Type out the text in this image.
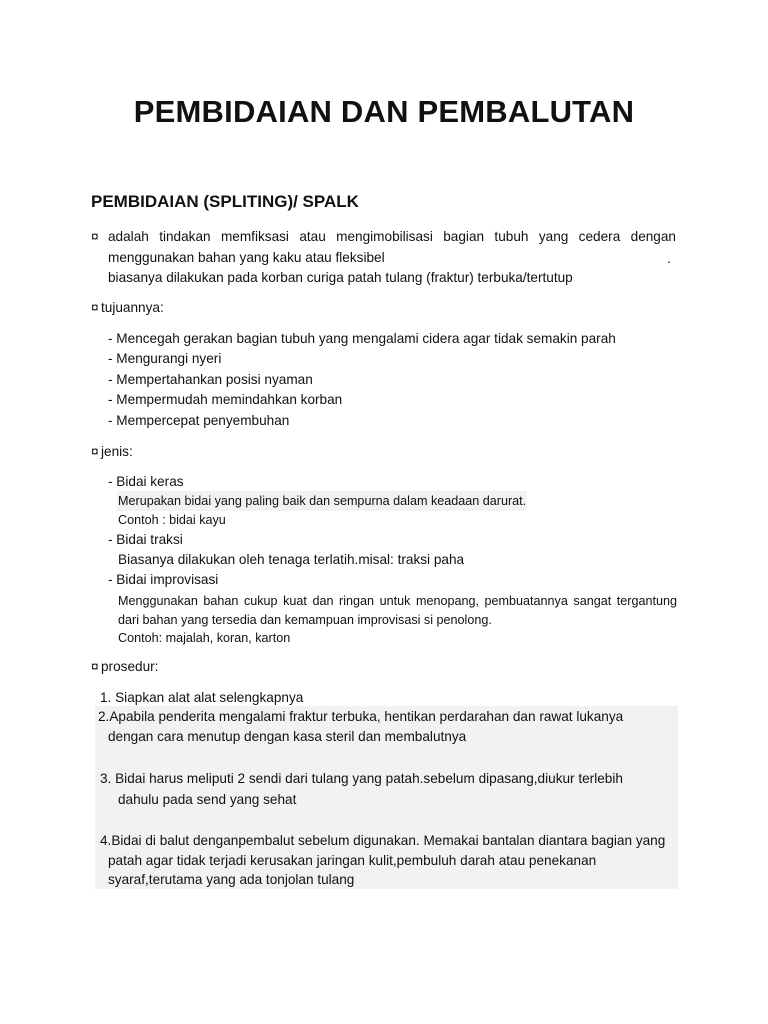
PEMBIDAIAN DAN PEMBALUTAN
PEMBIDAIAN (SPLITING)/ SPALK
¤ adalah tindakan memfiksasi atau mengimobilisasi bagian tubuh yang cedera dengan
menggunakan bahan yang kaku atau fleksibel	.
biasanya dilakukan pada korban curiga patah tulang (fraktur) terbuka/tertutup
¤ tujuannya:
- Mencegah gerakan bagian tubuh yang mengalami cidera agar tidak semakin parah
- Mengurangi nyeri
- Mempertahankan posisi nyaman
- Mempermudah memindahkan korban
- Mempercepat penyembuhan
¤ jenis:
- Bidai keras
Merupakan bidai yang paling baik dan sempurna dalam keadaan darurat.
Contoh : bidai kayu
- Bidai traksi
Biasanya dilakukan oleh tenaga terlatih.misal: traksi paha
- Bidai improvisasi
Menggunakan bahan cukup kuat dan ringan untuk menopang, pembuatannya sangat tergantung
dari bahan yang tersedia dan kemampuan improvisasi si penolong.
Contoh: majalah, koran, karton
¤ prosedur:
1. Siapkan alat alat selengkapnya
2.Apabila penderita mengalami fraktur terbuka, hentikan perdarahan dan rawat lukanya
dengan cara menutup dengan kasa steril dan membalutnya
3. Bidai harus meliputi 2 sendi dari tulang yang patah.sebelum dipasang,diukur terlebih
dahulu pada send yang sehat
4.Bidai di balut denganpembalut sebelum digunakan. Memakai bantalan diantara bagian yang
patah agar tidak terjadi kerusakan jaringan kulit,pembuluh darah atau penekanan
syaraf,terutama yang ada tonjolan tulang
